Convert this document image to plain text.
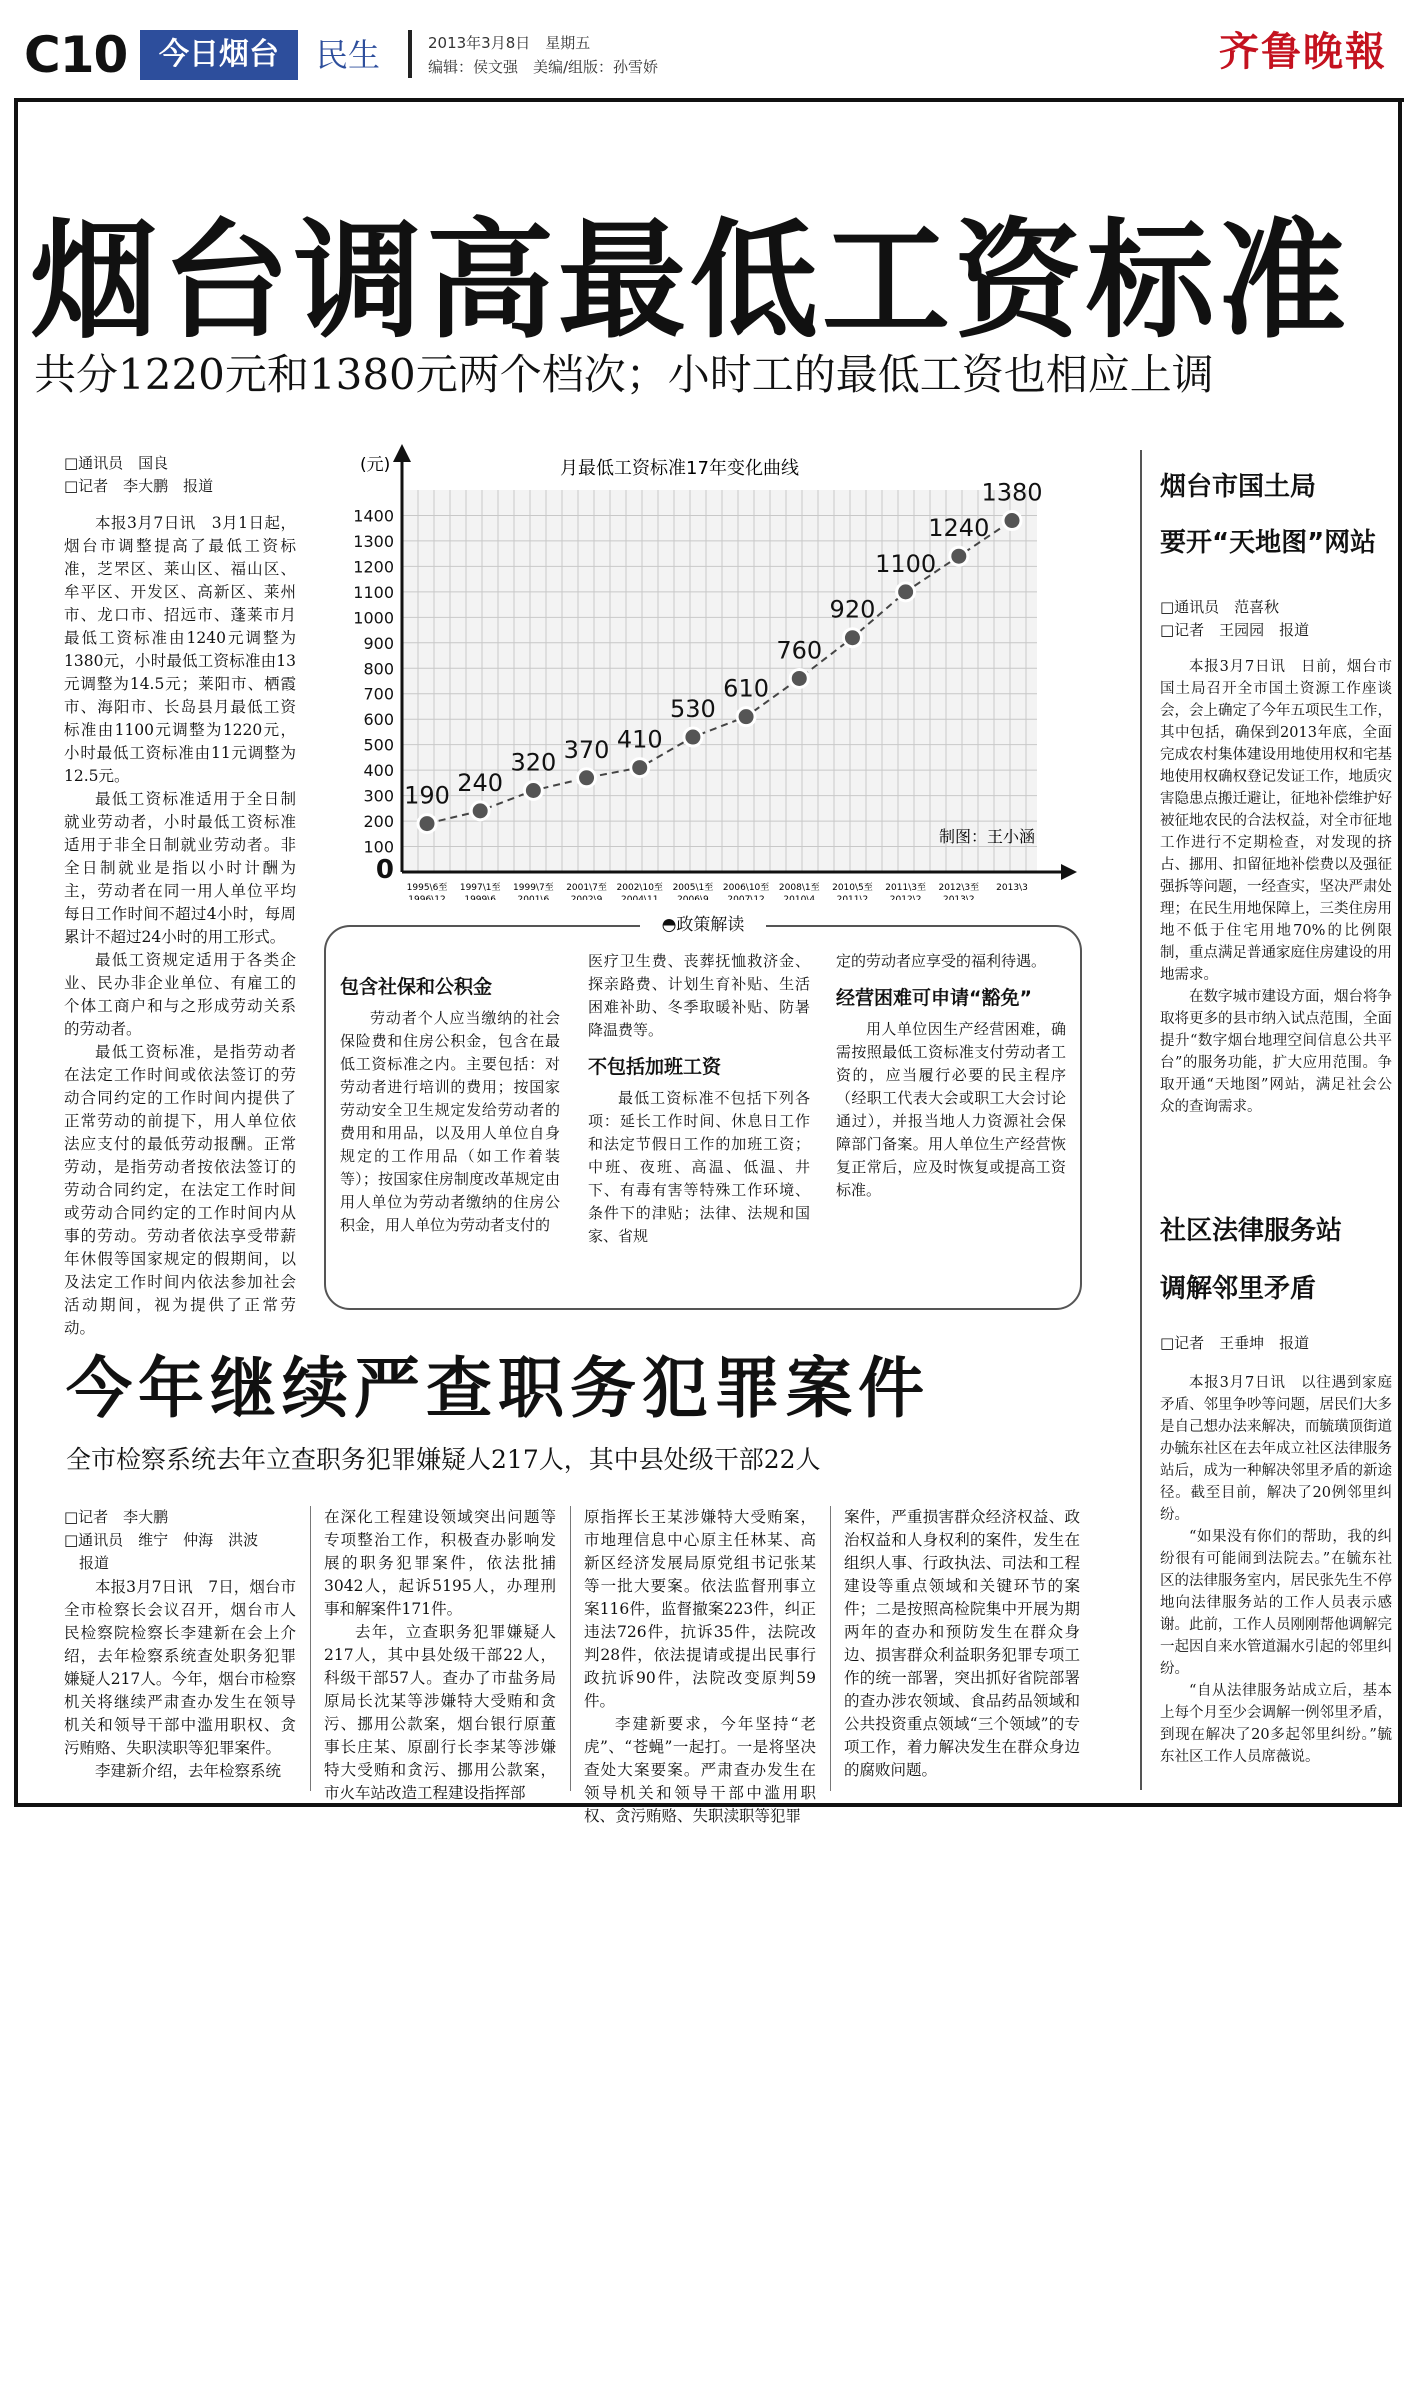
C10	今日烟台	民生	2013年3月8日　星期五
编辑：侯文强　美编/组版：孙雪娇	齐鲁晚報
烟台调高最低工资标准
共分1220元和1380元两个档次；小时工的最低工资也相应上调
□通讯员　国良
□记者　李大鹏　报道

本报3月7日讯　3月1日起，烟台市调整提高了最低工资标准，芝罘区、莱山区、福山区、牟平区、开发区、高新区、莱州市、龙口市、招远市、蓬莱市月最低工资标准由1240元调整为1380元，小时最低工资标准由13元调整为14.5元；莱阳市、栖霞市、海阳市、长岛县月最低工资标准由1100元调整为1220元，小时最低工资标准由11元调整为12.5元。

最低工资标准适用于全日制就业劳动者，小时最低工资标准适用于非全日制就业劳动者。非全日制就业是指以小时计酬为主，劳动者在同一用人单位平均每日工作时间不超过4小时，每周累计不超过24小时的用工形式。

最低工资规定适用于各类企业、民办非企业单位、有雇工的个体工商户和与之形成劳动关系的劳动者。

最低工资标准，是指劳动者在法定工作时间或依法签订的劳动合同约定的工作时间内提供了正常劳动的前提下，用人单位依法应支付的最低劳动报酬。正常劳动，是指劳动者按依法签订的劳动合同约定，在法定工作时间或劳动合同约定的工作时间内从事的劳动。劳动者依法享受带薪年休假等国家规定的假期间，以及法定工作时间内依法参加社会活动期间，视为提供了正常劳动。

0
100
200
300
400
500
600
700
800
900
1000
1100
1200
1300
1400
(元)	月最低工资标准17年变化曲线
制图：王小涵
190 240
320 370 410
530
610
760
920
1100
1240
1380
1995\6至
1996\12
1997\1至
1999\6
1999\7至
2001\6
2001\7至
2002\9
2002\10至
2004\11
2005\1至
2006\9
2006\10至
2007\12
2008\1至
2010\4
2010\5至
2011\2
2011\3至
2012\2
2012\3至
2013\2
2013\3
◓政策解读
包含社保和公积金

劳动者个人应当缴纳的社会保险费和住房公积金，包含在最低工资标准之内。主要包括：对劳动者进行培训的费用；按国家劳动安全卫生规定发给劳动者的费用和用品，以及用人单位自身规定的工作用品（如工作着装等）；按国家住房制度改革规定由用人单位为劳动者缴纳的住房公积金，用人单位为劳动者支付的

医疗卫生费、丧葬抚恤救济金、探亲路费、计划生育补贴、生活困难补助、冬季取暖补贴、防暑降温费等。
不包括加班工资

最低工资标准不包括下列各项：延长工作时间、休息日工作和法定节假日工作的加班工资；中班、夜班、高温、低温、井下、有毒有害等特殊工作环境、条件下的津贴；法律、法规和国家、省规

定的劳动者应享受的福利待遇。
经营困难可申请“豁免”

用人单位因生产经营困难，确需按照最低工资标准支付劳动者工资的，应当履行必要的民主程序（经职工代表大会或职工大会讨论通过），并报当地人力资源社会保障部门备案。用人单位生产经营恢复正常后，应及时恢复或提高工资标准。

烟台市国土局
要开“天地图”网站
□通讯员　范喜秋
□记者　王园园　报道

本报3月7日讯　日前，烟台市国土局召开全市国土资源工作座谈会，会上确定了今年五项民生工作，其中包括，确保到2013年底，全面完成农村集体建设用地使用权和宅基地使用权确权登记发证工作，地质灾害隐患点搬迁避让，征地补偿维护好被征地农民的合法权益，对全市征地工作进行不定期检查，对发现的挤占、挪用、扣留征地补偿费以及强征强拆等问题，一经查实，坚决严肃处理；在民生用地保障上，三类住房用地不低于住宅用地70%的比例限制，重点满足普通家庭住房建设的用地需求。

在数字城市建设方面，烟台将争取将更多的县市纳入试点范围，全面提升“数字烟台地理空间信息公共平台”的服务功能，扩大应用范围。争取开通“天地图”网站，满足社会公众的查询需求。

社区法律服务站
调解邻里矛盾
□记者　王垂坤　报道

本报3月7日讯　以往遇到家庭矛盾、邻里争吵等问题，居民们大多是自己想办法来解决，而毓璜顶街道办毓东社区在去年成立社区法律服务站后，成为一种解决邻里矛盾的新途径。截至目前，解决了20例邻里纠纷。

“如果没有你们的帮助，我的纠纷很有可能闹到法院去。”在毓东社区的法律服务室内，居民张先生不停地向法律服务站的工作人员表示感谢。此前，工作人员刚刚帮他调解完一起因自来水管道漏水引起的邻里纠纷。

“自从法律服务站成立后，基本上每个月至少会调解一例邻里矛盾，到现在解决了20多起邻里纠纷。”毓东社区工作人员席薇说。

今年继续严查职务犯罪案件
全市检察系统去年立查职务犯罪嫌疑人217人，其中县处级干部22人
□记者　李大鹏
□通讯员　维宁　仲海　洪波
　报道

本报3月7日讯　7日，烟台市全市检察长会议召开，烟台市人民检察院检察长李建新在会上介绍，去年检察系统查处职务犯罪嫌疑人217人。今年，烟台市检察机关将继续严肃查办发生在领导机关和领导干部中滥用职权、贪污贿赂、失职渎职等犯罪案件。

李建新介绍，去年检察系统

在深化工程建设领域突出问题等专项整治工作，积极查办影响发展的职务犯罪案件，依法批捕3042人，起诉5195人，办理刑事和解案件171件。

去年，立查职务犯罪嫌疑人217人，其中县处级干部22人，科级干部57人。查办了市盐务局原局长沈某等涉嫌特大受贿和贪污、挪用公款案，烟台银行原董事长庄某、原副行长李某等涉嫌特大受贿和贪污、挪用公款案，市火车站改造工程建设指挥部

原指挥长王某涉嫌特大受贿案，市地理信息中心原主任林某、高新区经济发展局原党组书记张某等一批大要案。依法监督刑事立案116件，监督撤案223件，纠正违法726件，抗诉35件，法院改判28件，依法提请或提出民事行政抗诉90件，法院改变原判59件。

李建新要求，今年坚持“老虎”、“苍蝇”一起打。一是将坚决查处大案要案。严肃查办发生在领导机关和领导干部中滥用职权、贪污贿赂、失职渎职等犯罪

案件，严重损害群众经济权益、政治权益和人身权利的案件，发生在组织人事、行政执法、司法和工程建设等重点领域和关键环节的案件；二是按照高检院集中开展为期两年的查办和预防发生在群众身边、损害群众利益职务犯罪专项工作的统一部署，突出抓好省院部署的查办涉农领域、食品药品领域和公共投资重点领域“三个领域”的专项工作，着力解决发生在群众身边的腐败问题。
